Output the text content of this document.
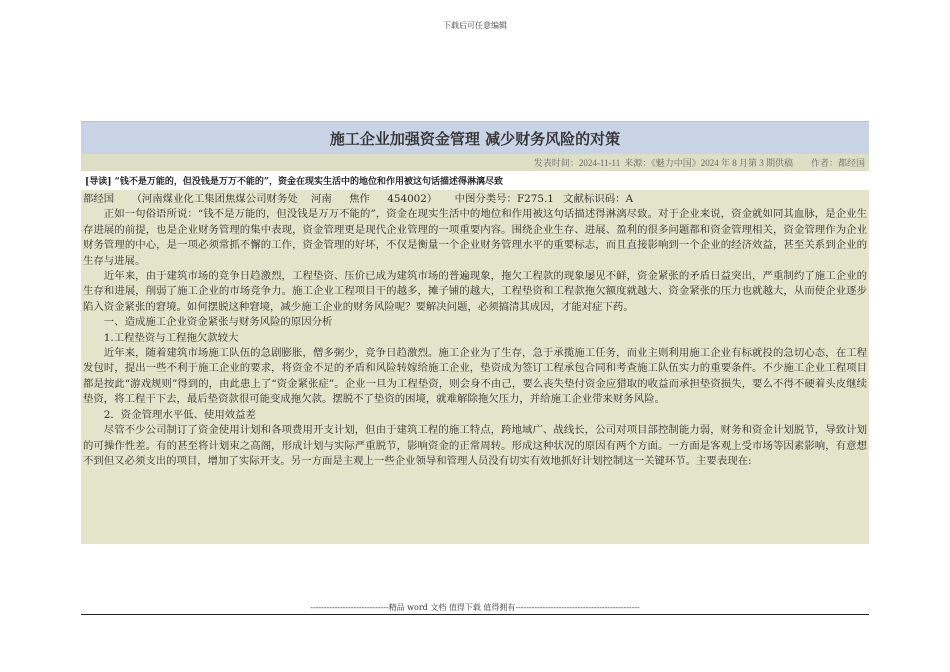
下载后可任意编辑
施工企业加强资金管理 减少财务风险的对策
发表时间：2024-11-11 来源：《魅力中国》2024 年 8 月第 3 期供稿 作者：都经国
[导读] “钱不是万能的，但没钱是万万不能的”，资金在现实生活中的地位和作用被这句话描述得淋漓尽致
都经国 （河南煤业化工集团焦煤公司财务处 河南 焦作 454002） 中图分类号：F275.1 文献标识码：A

正如一句俗语所说：“钱不是万能的，但没钱是万万不能的”，资金在现实生活中的地位和作用被这句话描述得淋漓尽致。对于企业来说，资金就如同其血脉，是企业生存进展的前提，也是企业财务管理的集中表现，资金管理更是现代企业管理的一项重要内容。围绕企业生存、进展、盈利的很多问题都和资金管理相关，资金管理作为企业财务管理的中心，是一项必须常抓不懈的工作，资金管理的好坏，不仅是衡量一个企业财务管理水平的重要标志，而且直接影响到一个企业的经济效益，甚至关系到企业的生存与进展。

近年来，由于建筑市场的竞争日趋激烈，工程垫资、压价已成为建筑市场的普遍现象，拖欠工程款的现象屡见不鲜，资金紧张的矛盾日益突出，严重制约了施工企业的生存和进展，削弱了施工企业的市场竞争力。施工企业工程项目干的越多，摊子铺的越大，工程垫资和工程款拖欠额度就越大、资金紧张的压力也就越大，从而使企业逐步陷入资金紧张的窘境。如何摆脱这种窘境，减少施工企业的财务风险呢？要解决问题，必须搞清其成因，才能对症下药。

一、造成施工企业资金紧张与财务风险的原因分析

1.工程垫资与工程拖欠款较大

近年来，随着建筑市场施工队伍的急剧膨胀，僧多粥少，竞争日趋激烈。施工企业为了生存，急于承揽施工任务，而业主则利用施工企业有标就投的急切心态，在工程发包时，提出一些不利于施工企业的要求，将资金不足的矛盾和风险转嫁给施工企业，垫资成为签订工程承包合同和考查施工队伍实力的重要条件。不少施工企业工程项目都是按此“游戏规则”得到的，由此患上了“资金紧张症”。企业一旦为工程垫资，则会身不由己，要么丧失垫付资金应猎取的收益而承担垫资损失，要么不得不硬着头皮继续垫资，将工程干下去，最后垫资款很可能变成拖欠款。摆脱不了垫资的困境，就难解除拖欠压力，并给施工企业带来财务风险。

2．资金管理水平低、使用效益差

尽管不少公司制订了资金使用计划和各项费用开支计划，但由于建筑工程的施工特点，跨地域广、战线长，公司对项目部控制能力弱，财务和资金计划脱节，导致计划的可操作性差。有的甚至将计划束之高阁，形成计划与实际严重脱节，影响资金的正常周转。形成这种状况的原因有两个方面。一方面是客观上受市场等因素影响，有意想不到但又必须支出的项目，增加了实际开支。另一方面是主观上一些企业领导和管理人员没有切实有效地抓好计划控制这一关键环节。主要表现在:

-----------------------------精品 word 文档 值得下载 值得拥有----------------------------------------------
